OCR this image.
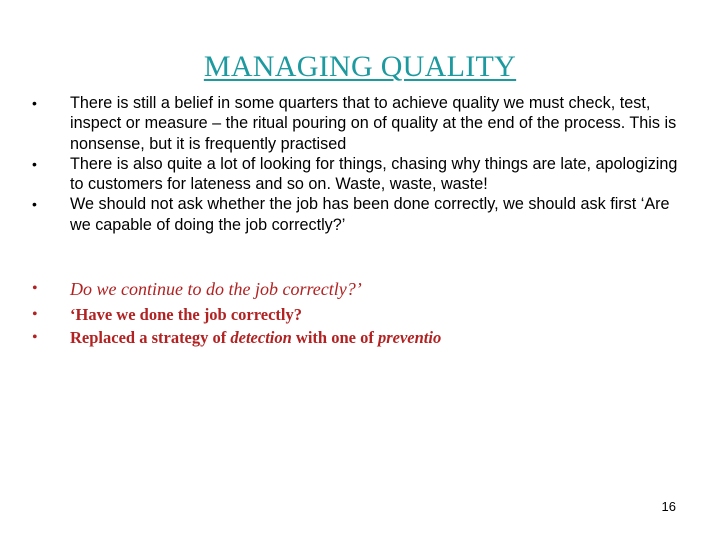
MANAGING QUALITY
• There is still a belief in some quarters that to achieve quality we must check, test, inspect or measure – the ritual pouring on of quality at the end of the process. This is nonsense, but it is frequently practised
• There is also quite a lot of looking for things, chasing why things are late, apologizing to customers for lateness and so on. Waste, waste, waste!
• We should not ask whether the job has been done correctly, we should ask first ‘Are we capable of doing the job correctly?’
• Do we continue to do the job correctly?’
• ‘Have we done the job correctly?
• Replaced a strategy of detection with one of preventio
16
